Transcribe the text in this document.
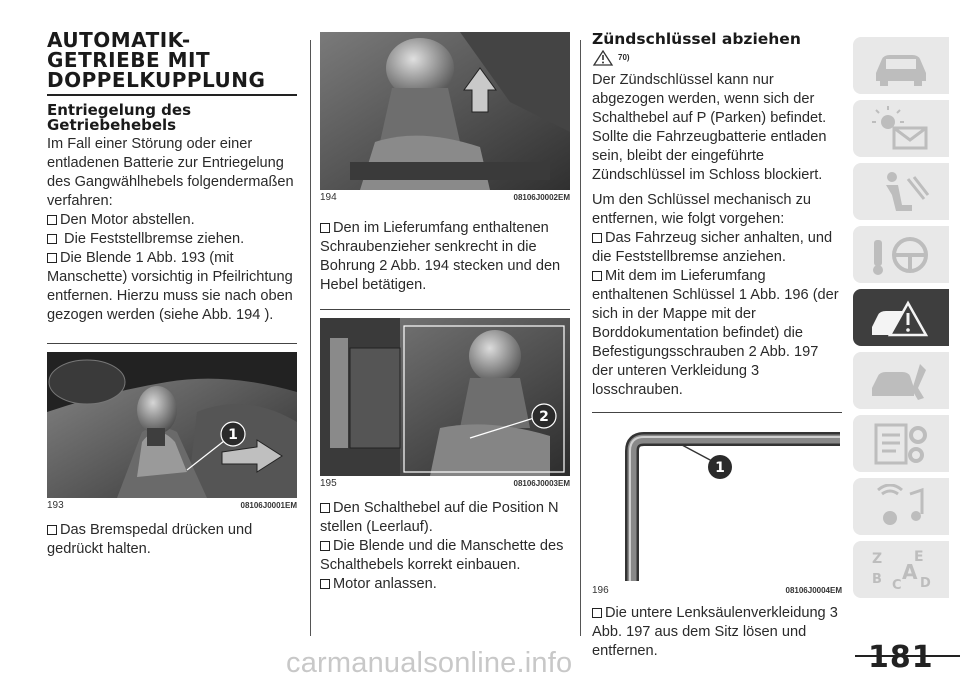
AUTOMATIK-
GETRIEBE MIT
DOPPELKUPPLUNG
Entriegelung des
Getriebehebels

Im Fall einer Störung oder einer entladenen Batterie zur Entriegelung des Gangwählhebels folgendermaßen verfahren:

Den Motor abstellen.

Die Feststellbremse ziehen.

Die Blende 1 Abb. 193 (mit Manschette) vorsichtig in Pfeilrichtung entfernen. Hierzu muss sie nach oben gezogen werden (siehe Abb. 194 ).

1
193	08106J0001EM

Das Bremspedal drücken und gedrückt halten.

194	08106J0002EM

Den im Lieferumfang enthaltenen Schraubenzieher senkrecht in die Bohrung 2 Abb. 194 stecken und den Hebel betätigen.

2
195	08106J0003EM

Den Schalthebel auf die Position N stellen (Leerlauf).

Die Blende und die Manschette des Schalthebels korrekt einbauen.

Motor anlassen.

Zündschlüssel abziehen
70)

Der Zündschlüssel kann nur abgezogen werden, wenn sich der Schalthebel auf P (Parken) befindet. Sollte die Fahrzeugbatterie entladen sein, bleibt der eingeführte Zündschlüssel im Schloss blockiert.

Um den Schlüssel mechanisch zu entfernen, wie folgt vorgehen:

Das Fahrzeug sicher anhalten, und die Feststellbremse anziehen.

Mit dem im Lieferumfang enthaltenen Schlüssel 1 Abb. 196 (der sich in der Mappe mit der Borddokumentation befindet) die Befestigungsschrauben 2 Abb. 197 der unteren Verkleidung 3 losschrauben.

1
196	08106J0004EM

Die untere Lenksäulenverkleidung 3 Abb. 197 aus dem Sitz lösen und entfernen.

Z E
B C
A D
181
carmanualsonline.info
